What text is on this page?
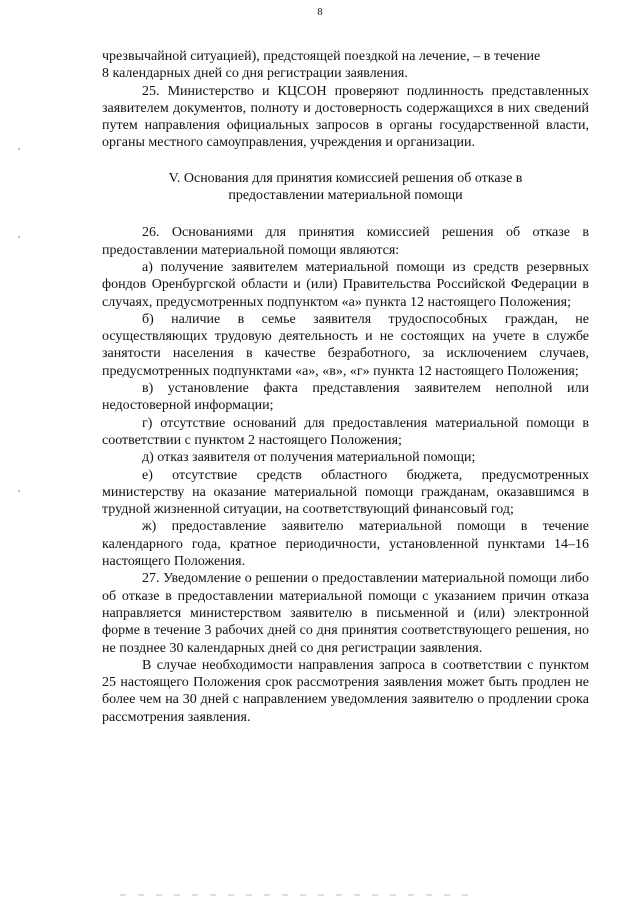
8

чрезвычайной ситуацией), предстоящей поездкой на лечение, – в течение
8 календарных дней со дня регистрации заявления.

25. Министерство и КЦСОН проверяют подлинность представленных заявителем документов, полноту и достоверность содержащихся в них сведений путем направления официальных запросов в органы государственной власти, органы местного самоуправления, учреждения и организации.

V. Основания для принятия комиссией решения об отказе в
предоставлении материальной помощи

26. Основаниями для принятия комиссией решения об отказе в предоставлении материальной помощи являются:

а) получение заявителем материальной помощи из средств резервных фондов Оренбургской области и (или) Правительства Российской Федерации в случаях, предусмотренных подпунктом «а» пункта 12 настоящего Положения;

б) наличие в семье заявителя трудоспособных граждан, не осуществляющих трудовую деятельность и не состоящих на учете в службе занятости населения в качестве безработного, за исключением случаев, предусмотренных подпунктами «а», «в», «г» пункта 12 настоящего Положения;

в) установление факта представления заявителем неполной или недостоверной информации;

г) отсутствие оснований для предоставления материальной помощи в соответствии с пунктом 2 настоящего Положения;

д) отказ заявителя от получения материальной помощи;

е) отсутствие средств областного бюджета, предусмотренных министерству на оказание материальной помощи гражданам, оказавшимся в трудной жизненной ситуации, на соответствующий финансовый год;

ж) предоставление заявителю материальной помощи в течение календарного года, кратное периодичности, установленной пунктами 14–16 настоящего Положения.

27. Уведомление о решении о предоставлении материальной помощи либо об отказе в предоставлении материальной помощи с указанием причин отказа направляется министерством заявителю в письменной и (или) электронной форме в течение 3 рабочих дней со дня принятия соответствующего решения, но не позднее 30 календарных дней со дня регистрации заявления.

В случае необходимости направления запроса в соответствии с пунктом 25 настоящего Положения срок рассмотрения заявления может быть продлен не более чем на 30 дней с направлением уведомления заявителю о продлении срока рассмотрения заявления.
